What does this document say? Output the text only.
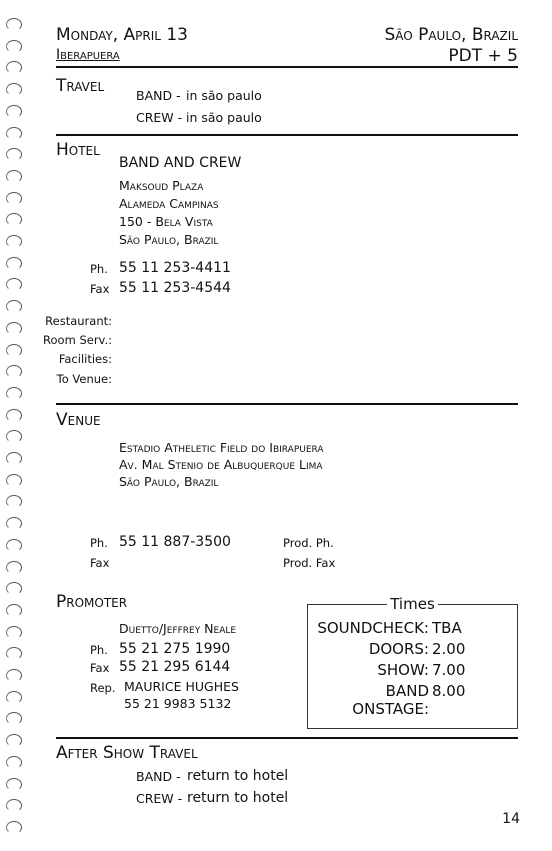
Monday, April 13
Iberapuera
São Paulo, Brazil
PDT + 5
Travel	BAND - in são paulo
CREW - in são paulo
Hotel
BAND AND CREW
Maksoud Plaza
Alameda Campinas
150 - Bela Vista
São Paulo, Brazil
Ph. 55 11 253-4411
Fax 55 11 253-4544
Restaurant:
Room Serv.:
Facilities:
To Venue:
Venue
Estadio Atheletic Field do Ibirapuera
Av. Mal Stenio de Albuquerque Lima
São Paulo, Brazil
Ph. 55 11 887-3500
Fax
Prod. Ph.
Prod. Fax
Promoter
Duetto/Jeffrey Neale
Ph. 55 21 275 1990
Fax 55 21 295 6144
Rep. MAURICE HUGHES
55 21 9983 5132
Times
SOUNDCHECK: TBA
DOORS: 2.00
SHOW: 7.00
BAND ONSTAGE:
8.00
After Show Travel
BAND - return to hotel
CREW - return to hotel
14
